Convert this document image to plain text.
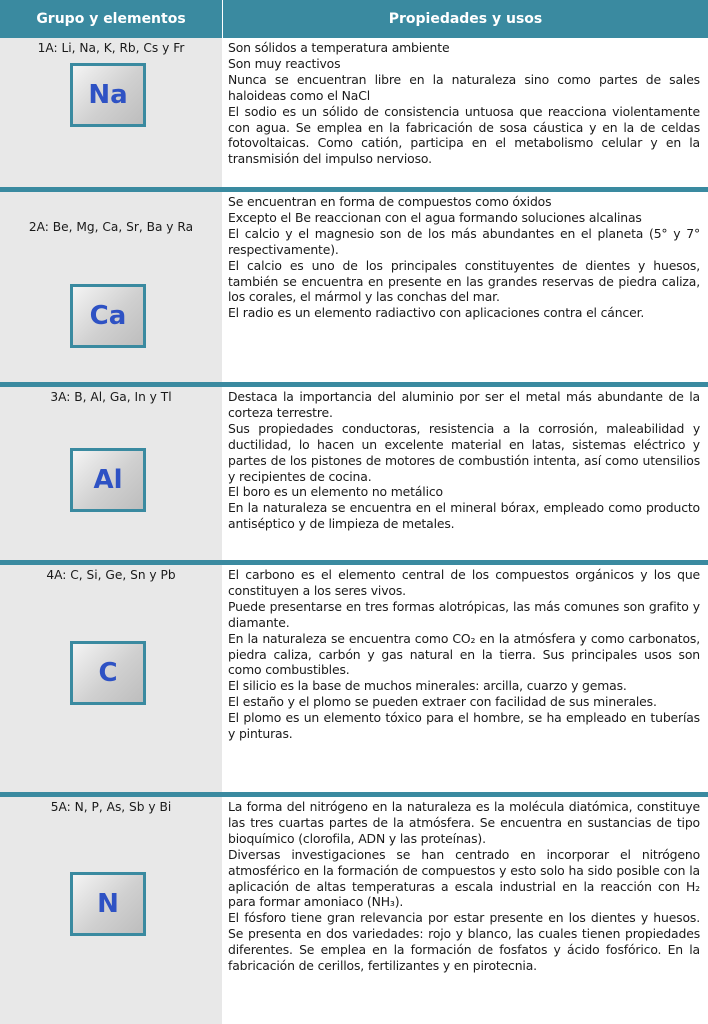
Grupo y elementos	Propiedades y usos
1A: Li, Na, K, Rb, Cs y Fr
Na

Son sólidos a temperatura ambiente

Son muy reactivos

Nunca se encuentran libre en la naturaleza sino como partes de sales haloideas como el NaCl

El sodio es un sólido de consistencia untuosa que reacciona violentamente con agua. Se emplea en la fabricación de sosa cáustica y en la de celdas fotovoltaicas. Como catión, participa en el metabolismo celular y en la transmisión del impulso nervioso.

2A: Be, Mg, Ca, Sr, Ba y Ra
Ca

Se encuentran en forma de compuestos como óxidos

Excepto el Be reaccionan con el agua formando soluciones alcalinas

El calcio y el magnesio son de los más abundantes en el planeta (5° y 7° respectivamente).

El calcio es uno de los principales constituyentes de dientes y huesos, también se encuentra en presente en las grandes reservas de piedra caliza, los corales, el mármol y las conchas del mar.

El radio es un elemento radiactivo con aplicaciones contra el cáncer.

3A: B, Al, Ga, In y Tl
Al

Destaca la importancia del aluminio por ser el metal más abundante de la corteza terrestre.

Sus propiedades conductoras, resistencia a la corrosión, maleabilidad y ductilidad, lo hacen un excelente material en latas, sistemas eléctrico y partes de los pistones de motores de combustión intenta, así como utensilios y recipientes de cocina.

El boro es un elemento no metálico

En la naturaleza se encuentra en el mineral bórax, empleado como producto antiséptico y de limpieza de metales.

4A: C, Si, Ge, Sn y Pb
C

El carbono es el elemento central de los compuestos orgánicos y los que constituyen a los seres vivos.

Puede presentarse en tres formas alotrópicas, las más comunes son grafito y diamante.

En la naturaleza se encuentra como CO₂ en la atmósfera y como carbonatos, piedra caliza, carbón y gas natural en la tierra. Sus principales usos son como combustibles.

El silicio es la base de muchos minerales: arcilla, cuarzo y gemas.

El estaño y el plomo se pueden extraer con facilidad de sus minerales.

El plomo es un elemento tóxico para el hombre, se ha empleado en tuberías y pinturas.

5A: N, P, As, Sb y Bi
N

La forma del nitrógeno en la naturaleza es la molécula diatómica, constituye las tres cuartas partes de la atmósfera. Se encuentra en sustancias de tipo bioquímico (clorofila, ADN y las proteínas).

Diversas investigaciones se han centrado en incorporar el nitrógeno atmosférico en la formación de compuestos y esto solo ha sido posible con la aplicación de altas temperaturas a escala industrial en la reacción con H₂ para formar amoniaco (NH₃).

El fósforo tiene gran relevancia por estar presente en los dientes y huesos. Se presenta en dos variedades: rojo y blanco, las cuales tienen propiedades diferentes. Se emplea en la formación de fosfatos y ácido fosfórico. En la fabricación de cerillos, fertilizantes y en pirotecnia.
